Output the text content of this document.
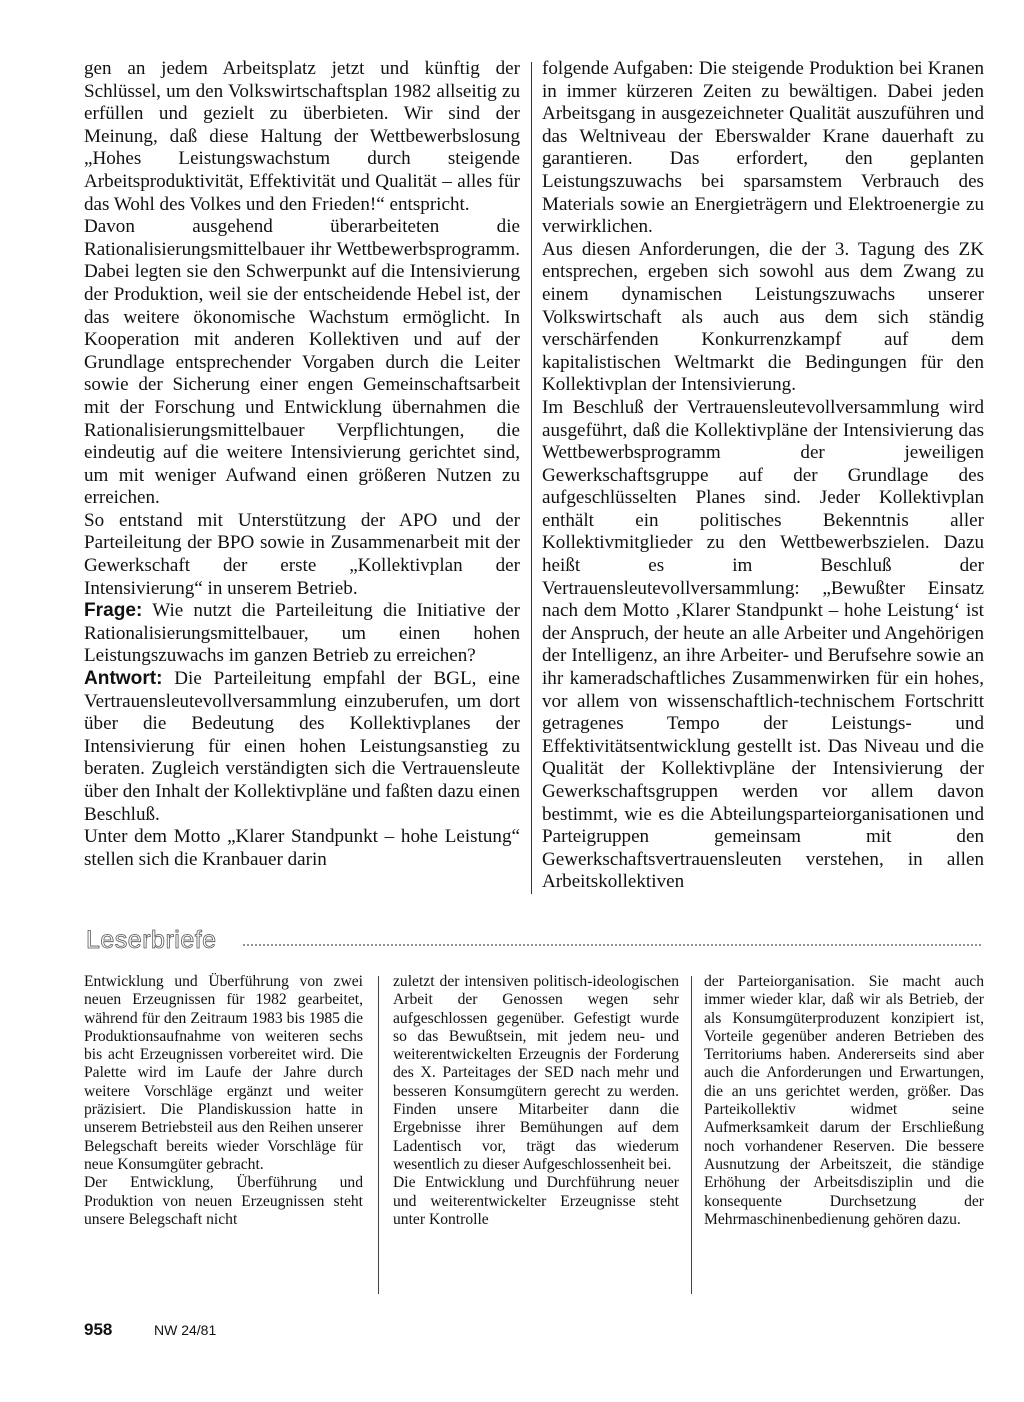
gen an jedem Arbeitsplatz jetzt und künftig der Schlüssel, um den Volkswirtschaftsplan 1982 allseitig zu erfüllen und gezielt zu überbieten. Wir sind der Meinung, daß diese Haltung der Wettbewerbslosung „Hohes Leistungswachstum durch steigende Arbeitsproduktivität, Effektivität und Qualität – alles für das Wohl des Volkes und den Frieden!“ entspricht.

Davon ausgehend überarbeiteten die Rationalisierungsmittelbauer ihr Wettbewerbsprogramm. Dabei legten sie den Schwerpunkt auf die Intensivierung der Produktion, weil sie der entscheidende Hebel ist, der das weitere ökonomische Wachstum ermöglicht. In Kooperation mit anderen Kollektiven und auf der Grundlage entsprechender Vorgaben durch die Leiter sowie der Sicherung einer engen Gemeinschaftsarbeit mit der Forschung und Entwicklung übernahmen die Rationalisierungsmittelbauer Verpflichtungen, die eindeutig auf die weitere Intensivierung gerichtet sind, um mit weniger Aufwand einen größeren Nutzen zu erreichen.

So entstand mit Unterstützung der APO und der Parteileitung der BPO sowie in Zusammenarbeit mit der Gewerkschaft der erste „Kollektivplan der Intensivierung“ in unserem Betrieb.

Frage: Wie nutzt die Parteileitung die Initiative der Rationalisierungsmittelbauer, um einen hohen Leistungszuwachs im ganzen Betrieb zu erreichen?

Antwort: Die Parteileitung empfahl der BGL, eine Vertrauensleutevollversammlung einzuberufen, um dort über die Bedeutung des Kollektivplanes der Intensivierung für einen hohen Leistungsanstieg zu beraten. Zugleich verständigten sich die Vertrauensleute über den Inhalt der Kollektivpläne und faßten dazu einen Beschluß.

Unter dem Motto „Klarer Standpunkt – hohe Leistung“ stellen sich die Kranbauer darin

folgende Aufgaben: Die steigende Produktion bei Kranen in immer kürzeren Zeiten zu bewältigen. Dabei jeden Arbeitsgang in ausgezeichneter Qualität auszuführen und das Weltniveau der Eberswalder Krane dauerhaft zu garantieren. Das erfordert, den geplanten Leistungszuwachs bei sparsamstem Verbrauch des Materials sowie an Energieträgern und Elektroenergie zu verwirklichen.

Aus diesen Anforderungen, die der 3. Tagung des ZK entsprechen, ergeben sich sowohl aus dem Zwang zu einem dynamischen Leistungszuwachs unserer Volkswirtschaft als auch aus dem sich ständig verschärfenden Konkurrenzkampf auf dem kapitalistischen Weltmarkt die Bedingungen für den Kollektivplan der Intensivierung.

Im Beschluß der Vertrauensleutevollversammlung wird ausgeführt, daß die Kollektivpläne der Intensivierung das Wettbewerbsprogramm der jeweiligen Gewerkschaftsgruppe auf der Grundlage des aufgeschlüsselten Planes sind. Jeder Kollektivplan enthält ein politisches Bekenntnis aller Kollektivmitglieder zu den Wettbewerbszielen. Dazu heißt es im Beschluß der Vertrauensleutevollversammlung: „Bewußter Einsatz nach dem Motto ‚Klarer Standpunkt – hohe Leistung‘ ist der Anspruch, der heute an alle Arbeiter und Angehörigen der Intelligenz, an ihre Arbeiter- und Berufsehre sowie an ihr kameradschaftliches Zusammenwirken für ein hohes, vor allem von wissenschaftlich-technischem Fortschritt getragenes Tempo der Leistungs- und Effektivitätsentwicklung gestellt ist. Das Niveau und die Qualität der Kollektivpläne der Intensivierung der Gewerkschaftsgruppen werden vor allem davon bestimmt, wie es die Abteilungsparteiorganisationen und Parteigruppen gemeinsam mit den Gewerkschaftsvertrauensleuten verstehen, in allen Arbeitskollektiven

Leserbriefe

Entwicklung und Überführung von zwei neuen Erzeugnissen für 1982 gearbeitet, während für den Zeitraum 1983 bis 1985 die Produktionsaufnahme von weiteren sechs bis acht Erzeugnissen vorbereitet wird. Die Palette wird im Laufe der Jahre durch weitere Vorschläge ergänzt und weiter präzisiert. Die Plandiskussion hatte in unserem Betriebsteil aus den Reihen unserer Belegschaft bereits wieder Vorschläge für neue Konsumgüter gebracht.

Der Entwicklung, Überführung und Produktion von neuen Erzeugnissen steht unsere Belegschaft nicht

zuletzt der intensiven politisch-ideologischen Arbeit der Genossen wegen sehr aufgeschlossen gegenüber. Gefestigt wurde so das Bewußtsein, mit jedem neu- und weiterentwickelten Erzeugnis der Forderung des X. Parteitages der SED nach mehr und besseren Konsumgütern gerecht zu werden. Finden unsere Mitarbeiter dann die Ergebnisse ihrer Bemühungen auf dem Ladentisch vor, trägt das wiederum wesentlich zu dieser Aufgeschlossenheit bei.

Die Entwicklung und Durchführung neuer und weiterentwickelter Erzeugnisse steht unter Kontrolle

der Parteiorganisation. Sie macht auch immer wieder klar, daß wir als Betrieb, der als Konsumgüterproduzent konzipiert ist, Vorteile gegenüber anderen Betrieben des Territoriums haben. Andererseits sind aber auch die Anforderungen und Erwartungen, die an uns gerichtet werden, größer. Das Parteikollektiv widmet seine Aufmerksamkeit darum der Erschließung noch vorhandener Reserven. Die bessere Ausnutzung der Arbeitszeit, die ständige Erhöhung der Arbeitsdisziplin und die konsequente Durchsetzung der Mehrmaschinenbedienung gehören dazu.

958	NW 24/81
